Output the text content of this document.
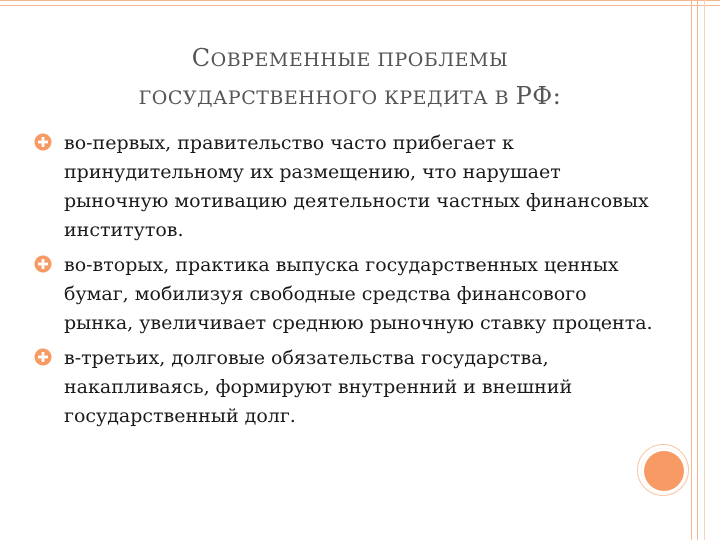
СОВРЕМЕННЫЕ ПРОБЛЕМЫ
ГОСУДАРСТВЕННОГО КРЕДИТА В РФ:
во-первых, правительство часто прибегает к принудительному их размещению, что нарушает рыночную мотивацию деятельности частных финансовых институтов.
во-вторых, практика выпуска государственных ценных бумаг, мобилизуя свободные средства финансового рынка, увеличивает среднюю рыночную ставку процента.
в-третьих, долговые обязательства государства, накапливаясь, формируют внутренний и внешний государственный долг.
